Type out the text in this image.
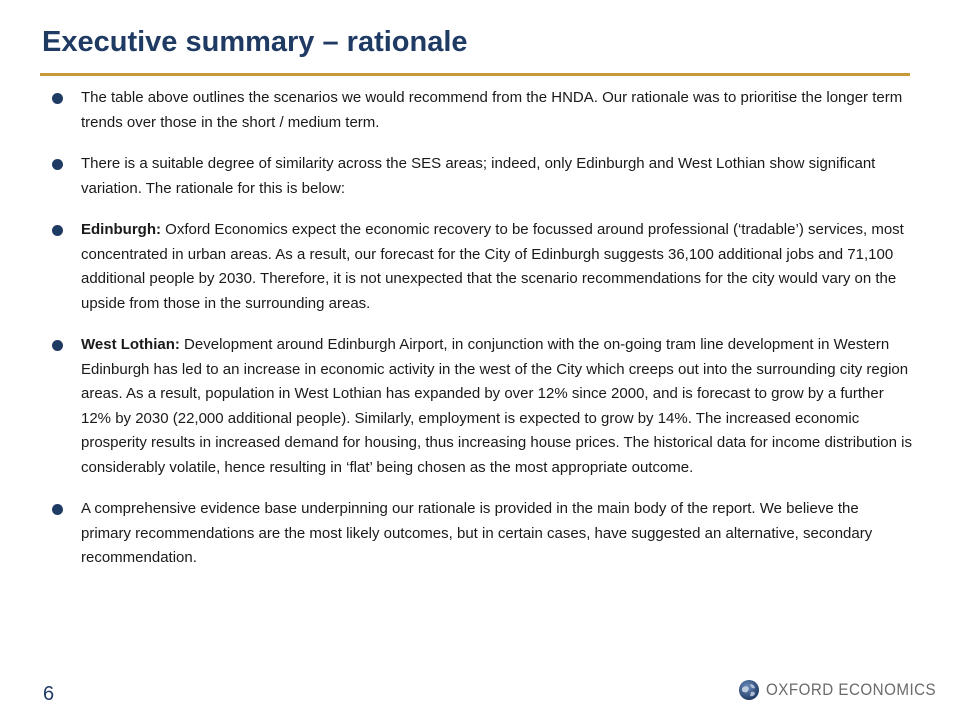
Executive summary – rationale
The table above outlines the scenarios we would recommend from the HNDA. Our rationale was to prioritise the longer term trends over those in the short / medium term.
There is a suitable degree of similarity across the SES areas; indeed, only Edinburgh and West Lothian show significant variation. The rationale for this is below:
Edinburgh: Oxford Economics expect the economic recovery to be focussed around professional (‘tradable’) services, most concentrated in urban areas. As a result, our forecast for the City of Edinburgh suggests 36,100 additional jobs and 71,100 additional people by 2030. Therefore, it is not unexpected that the scenario recommendations for the city would vary on the upside from those in the surrounding areas.
West Lothian: Development around Edinburgh Airport, in conjunction with the on-going tram line development in Western Edinburgh has led to an increase in economic activity in the west of the City which creeps out into the surrounding city region areas. As a result, population in West Lothian has expanded by over 12% since 2000, and is forecast to grow by a further 12% by 2030 (22,000 additional people). Similarly, employment is expected to grow by 14%. The increased economic prosperity results in increased demand for housing, thus increasing house prices. The historical data for income distribution is considerably volatile, hence resulting in ‘flat’ being chosen as the most appropriate outcome.
A comprehensive evidence base underpinning our rationale is provided in the main body of the report. We believe the primary recommendations are the most likely outcomes, but in certain cases, have suggested an alternative, secondary recommendation.
6	OXFORD ECONOMICS
